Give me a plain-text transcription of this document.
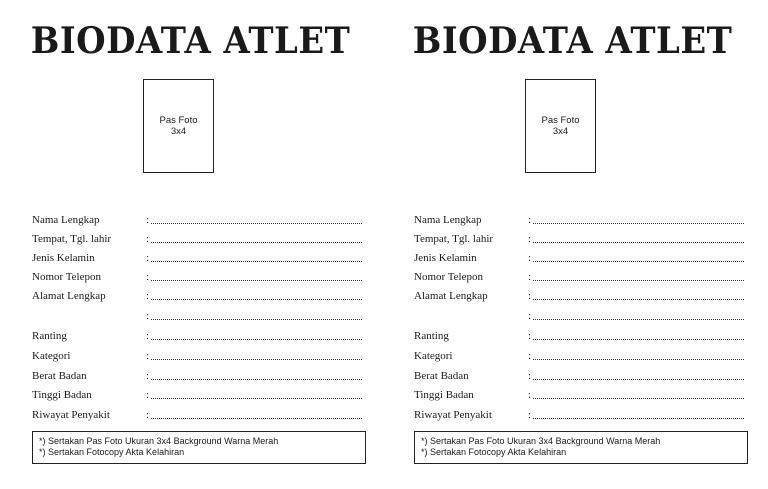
BIODATA ATLET
Pas Foto
3x4
Nama Lengkap	:
Tempat, Tgl. lahir	:
Jenis Kelamin	:
Nomor Telepon	:
Alamat Lengkap	:
:
Ranting	:
Kategori	:
Berat Badan	:
Tinggi Badan	:
Riwayat Penyakit	:
*) Sertakan Pas Foto Ukuran 3x4 Background Warna Merah
*) Sertakan Fotocopy Akta Kelahiran
BIODATA ATLET
Pas Foto
3x4
Nama Lengkap	:
Tempat, Tgl. lahir	:
Jenis Kelamin	:
Nomor Telepon	:
Alamat Lengkap	:
:
Ranting	:
Kategori	:
Berat Badan	:
Tinggi Badan	:
Riwayat Penyakit	:
*) Sertakan Pas Foto Ukuran 3x4 Background Warna Merah
*) Sertakan Fotocopy Akta Kelahiran
